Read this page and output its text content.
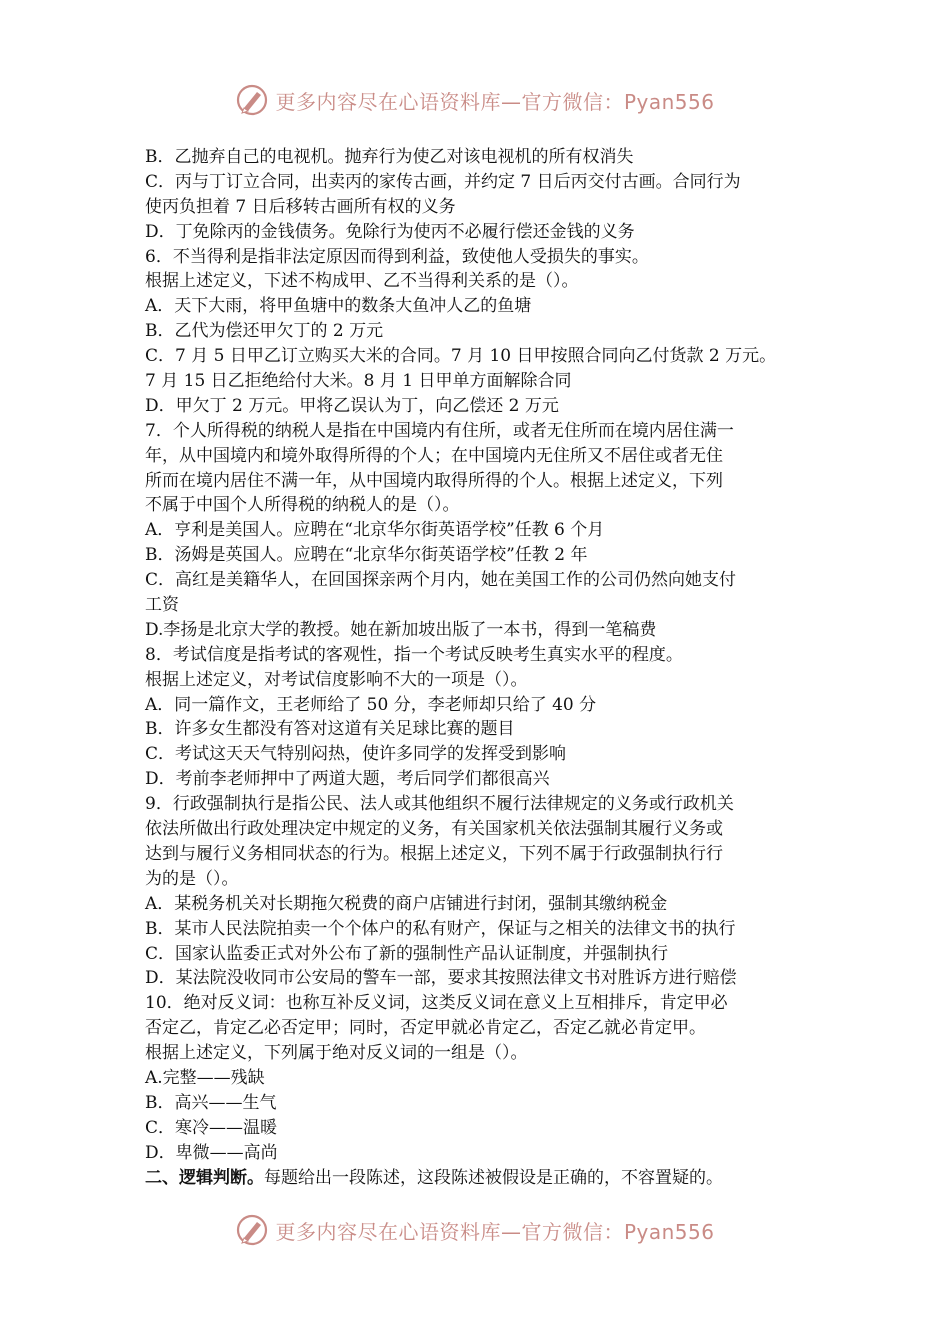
更多内容尽在心语资料库—官方微信：Pyan556
B．乙抛弃自己的电视机。抛弃行为使乙对该电视机的所有权消失
C．丙与丁订立合同，出卖丙的家传古画，并约定 7 日后丙交付古画。合同行为
使丙负担着 7 日后移转古画所有权的义务
D．丁免除丙的金钱债务。免除行为使丙不必履行偿还金钱的义务
6．不当得利是指非法定原因而得到利益，致使他人受损失的事实。
根据上述定义，下述不构成甲、乙不当得利关系的是（）。
A．天下大雨，将甲鱼塘中的数条大鱼冲人乙的鱼塘
B．乙代为偿还甲欠丁的 2 万元
C．7 月 5 日甲乙订立购买大米的合同。7 月 10 日甲按照合同向乙付货款 2 万元。
7 月 15 日乙拒绝给付大米。8 月 1 日甲单方面解除合同
D．甲欠丁 2 万元。甲将乙误认为丁，向乙偿还 2 万元
7．个人所得税的纳税人是指在中国境内有住所，或者无住所而在境内居住满一
年，从中国境内和境外取得所得的个人；在中国境内无住所又不居住或者无住
所而在境内居住不满一年，从中国境内取得所得的个人。根据上述定义，下列
不属于中国个人所得税的纳税人的是（）。
A．亨利是美国人。应聘在“北京华尔街英语学校”任教 6 个月
B．汤姆是英国人。应聘在“北京华尔街英语学校”任教 2 年
C．高红是美籍华人，在回国探亲两个月内，她在美国工作的公司仍然向她支付
工资
D.李扬是北京大学的教授。她在新加坡出版了一本书，得到一笔稿费
8．考试信度是指考试的客观性，指一个考试反映考生真实水平的程度。
根据上述定义，对考试信度影响不大的一项是（）。
A．同一篇作文，王老师给了 50 分，李老师却只给了 40 分
B．许多女生都没有答对这道有关足球比赛的题目
C．考试这天天气特别闷热，使许多同学的发挥受到影响
D．考前李老师押中了两道大题，考后同学们都很高兴
9．行政强制执行是指公民、法人或其他组织不履行法律规定的义务或行政机关
依法所做出行政处理决定中规定的义务，有关国家机关依法强制其履行义务或
达到与履行义务相同状态的行为。根据上述定义，下列不属于行政强制执行行
为的是（）。
A．某税务机关对长期拖欠税费的商户店铺进行封闭，强制其缴纳税金
B．某市人民法院拍卖一个个体户的私有财产，保证与之相关的法律文书的执行
C．国家认监委正式对外公布了新的强制性产品认证制度，并强制执行
D．某法院没收同市公安局的警车一部，要求其按照法律文书对胜诉方进行赔偿
10．绝对反义词：也称互补反义词，这类反义词在意义上互相排斥，肯定甲必
否定乙，肯定乙必否定甲；同时，否定甲就必肯定乙，否定乙就必肯定甲。
根据上述定义，下列属于绝对反义词的一组是（）。
A.完整——残缺
B．高兴——生气
C．寒冷——温暖
D．卑微——高尚
二、逻辑判断。每题给出一段陈述，这段陈述被假设是正确的，不容置疑的。
更多内容尽在心语资料库—官方微信：Pyan556
